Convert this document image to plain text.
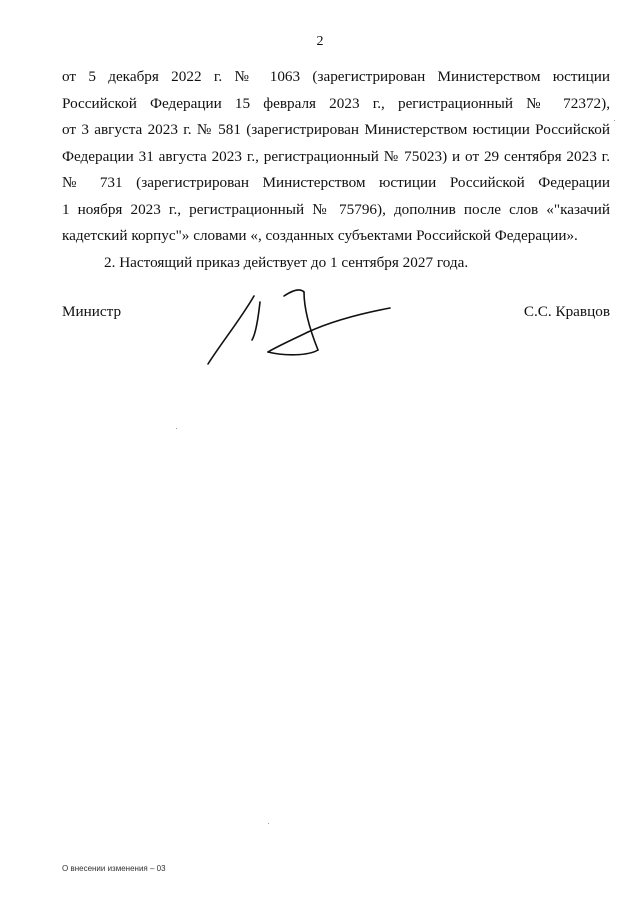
2
от 5 декабря 2022 г. № 1063 (зарегистрирован Министерством юстиции
Российской Федерации 15 февраля 2023 г., регистрационный № 72372),
от 3 августа 2023 г. № 581 (зарегистрирован Министерством юстиции Российской
Федерации 31 августа 2023 г., регистрационный № 75023) и от 29 сентября 2023 г.
№ 731 (зарегистрирован Министерством юстиции Российской Федерации
1 ноября 2023 г., регистрационный № 75796), дополнив после слов «"казачий
кадетский корпус"» словами «, созданных субъектами Российской Федерации».
2. Настоящий приказ действует до 1 сентября 2027 года.
Министр	С.С. Кравцов
О внесении изменения – 03
